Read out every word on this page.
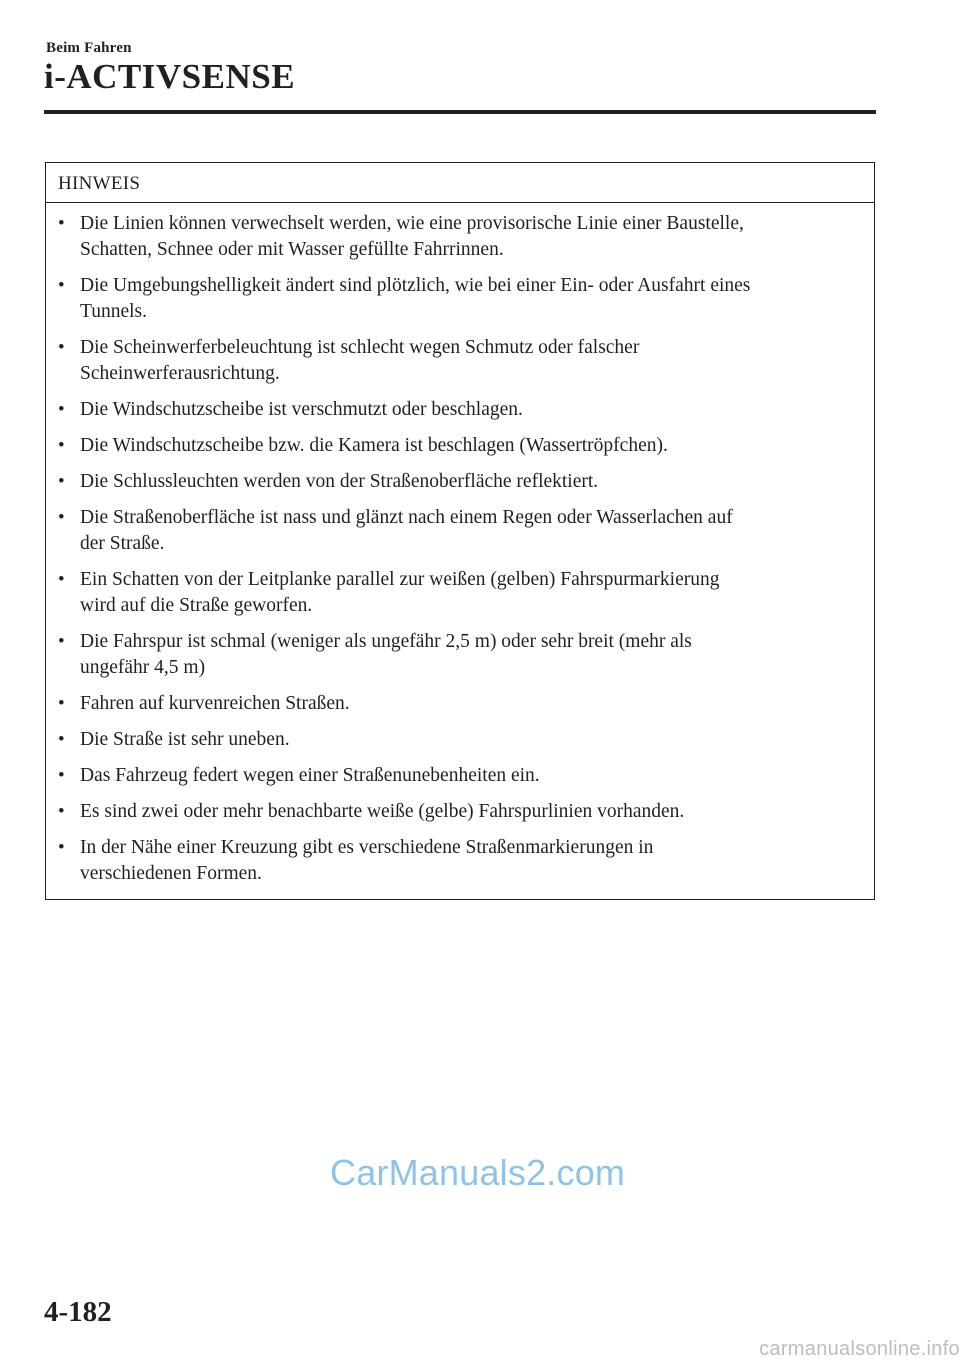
Beim Fahren
i-ACTIVSENSE
HINWEIS
• Die Linien können verwechselt werden, wie eine provisorische Linie einer Baustelle,
Schatten, Schnee oder mit Wasser gefüllte Fahrrinnen.
• Die Umgebungshelligkeit ändert sind plötzlich, wie bei einer Ein- oder Ausfahrt eines
Tunnels.
• Die Scheinwerferbeleuchtung ist schlecht wegen Schmutz oder falscher
Scheinwerferausrichtung.
• Die Windschutzscheibe ist verschmutzt oder beschlagen.
• Die Windschutzscheibe bzw. die Kamera ist beschlagen (Wassertröpfchen).
• Die Schlussleuchten werden von der Straßenoberfläche reflektiert.
• Die Straßenoberfläche ist nass und glänzt nach einem Regen oder Wasserlachen auf
der Straße.
• Ein Schatten von der Leitplanke parallel zur weißen (gelben) Fahrspurmarkierung
wird auf die Straße geworfen.
• Die Fahrspur ist schmal (weniger als ungefähr 2,5 m) oder sehr breit (mehr als
ungefähr 4,5 m)
• Fahren auf kurvenreichen Straßen.
• Die Straße ist sehr uneben.
• Das Fahrzeug federt wegen einer Straßenunebenheiten ein.
• Es sind zwei oder mehr benachbarte weiße (gelbe) Fahrspurlinien vorhanden.
• In der Nähe einer Kreuzung gibt es verschiedene Straßenmarkierungen in
verschiedenen Formen.
CarManuals2.com
4-182
carmanualsonline.info
